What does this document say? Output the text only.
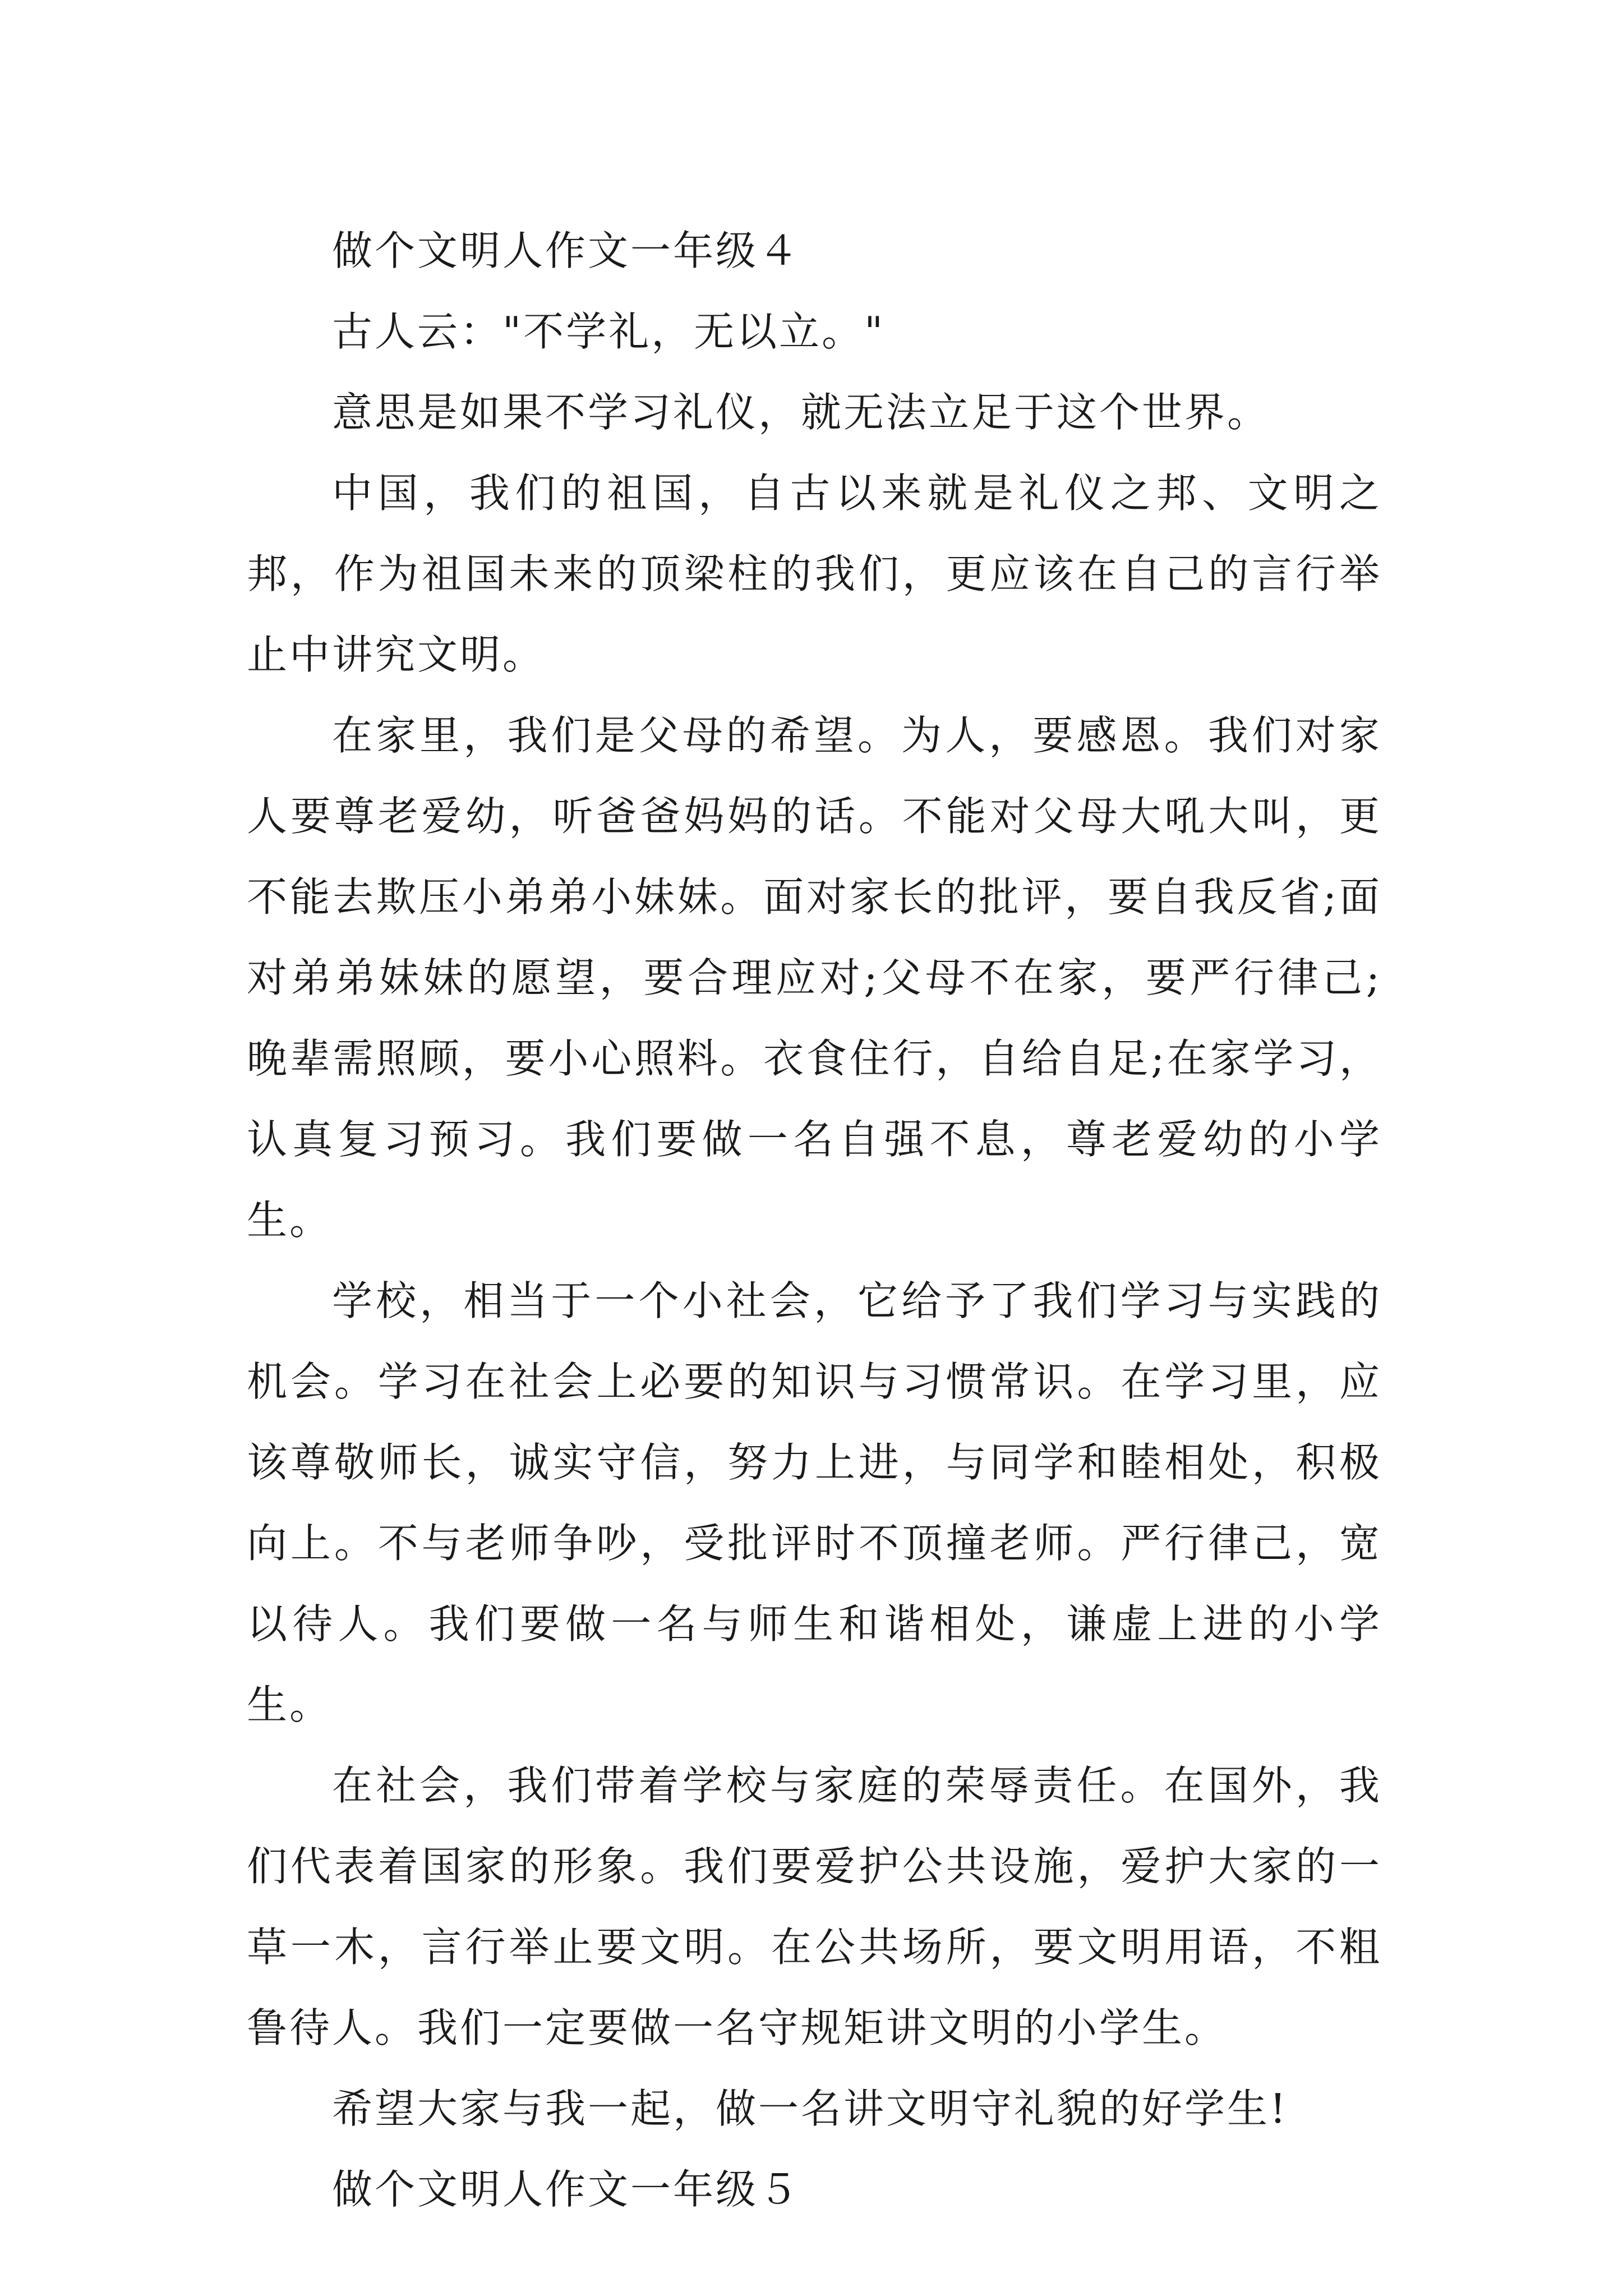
做个文明人作文一年级４

古人云："不学礼，无以立。"

意思是如果不学习礼仪，就无法立足于这个世界。

中国，我们的祖国，自古以来就是礼仪之邦、文明之邦，作为祖国未来的顶梁柱的我们，更应该在自己的言行举止中讲究文明。

在家里，我们是父母的希望。为人，要感恩。我们对家人要尊老爱幼，听爸爸妈妈的话。不能对父母大吼大叫，更不能去欺压小弟弟小妹妹。面对家长的批评，要自我反省;面对弟弟妹妹的愿望，要合理应对;父母不在家，要严行律己;晚辈需照顾，要小心照料。衣食住行，自给自足;在家学习，认真复习预习。我们要做一名自强不息，尊老爱幼的小学生。

学校，相当于一个小社会，它给予了我们学习与实践的机会。学习在社会上必要的知识与习惯常识。在学习里，应该尊敬师长，诚实守信，努力上进，与同学和睦相处，积极向上。不与老师争吵，受批评时不顶撞老师。严行律己，宽以待人。我们要做一名与师生和谐相处，谦虚上进的小学生。

在社会，我们带着学校与家庭的荣辱责任。在国外，我们代表着国家的形象。我们要爱护公共设施，爱护大家的一草一木，言行举止要文明。在公共场所，要文明用语，不粗鲁待人。我们一定要做一名守规矩讲文明的小学生。

希望大家与我一起，做一名讲文明守礼貌的好学生!

做个文明人作文一年级５
